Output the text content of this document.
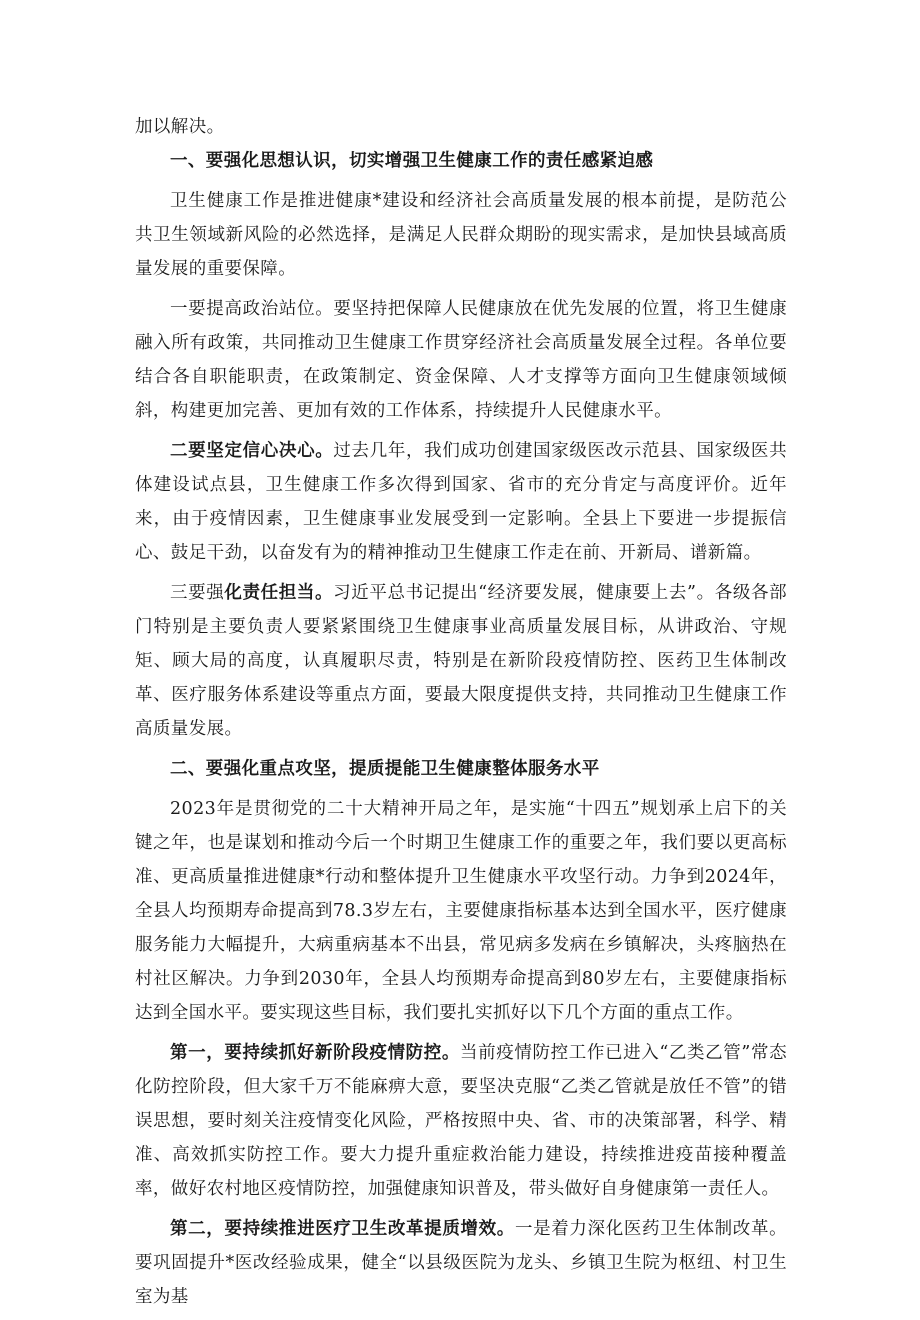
加以解决。
一、要强化思想认识，切实增强卫生健康工作的责任感紧迫感

卫生健康工作是推进健康*建设和经济社会高质量发展的根本前提，是防范公共卫生领域新风险的必然选择，是满足人民群众期盼的现实需求，是加快县域高质量发展的重要保障。

一要提高政治站位。要坚持把保障人民健康放在优先发展的位置，将卫生健康融入所有政策，共同推动卫生健康工作贯穿经济社会高质量发展全过程。各单位要结合各自职能职责，在政策制定、资金保障、人才支撑等方面向卫生健康领域倾斜，构建更加完善、更加有效的工作体系，持续提升人民健康水平。

二要坚定信心决心。过去几年，我们成功创建国家级医改示范县、国家级医共体建设试点县，卫生健康工作多次得到国家、省市的充分肯定与高度评价。近年来，由于疫情因素，卫生健康事业发展受到一定影响。全县上下要进一步提振信心、鼓足干劲，以奋发有为的精神推动卫生健康工作走在前、开新局、谱新篇。

三要强化责任担当。习近平总书记提出“经济要发展，健康要上去”。各级各部门特别是主要负责人要紧紧围绕卫生健康事业高质量发展目标，从讲政治、守规矩、顾大局的高度，认真履职尽责，特别是在新阶段疫情防控、医药卫生体制改革、医疗服务体系建设等重点方面，要最大限度提供支持，共同推动卫生健康工作高质量发展。

二、要强化重点攻坚，提质提能卫生健康整体服务水平

2023年是贯彻党的二十大精神开局之年，是实施“十四五”规划承上启下的关键之年，也是谋划和推动今后一个时期卫生健康工作的重要之年，我们要以更高标准、更高质量推进健康*行动和整体提升卫生健康水平攻坚行动。力争到2024年，全县人均预期寿命提高到78.3岁左右，主要健康指标基本达到全国水平，医疗健康服务能力大幅提升，大病重病基本不出县，常见病多发病在乡镇解决，头疼脑热在村社区解决。力争到2030年，全县人均预期寿命提高到80岁左右，主要健康指标达到全国水平。要实现这些目标，我们要扎实抓好以下几个方面的重点工作。

第一，要持续抓好新阶段疫情防控。当前疫情防控工作已进入“乙类乙管”常态化防控阶段，但大家千万不能麻痹大意，要坚决克服“乙类乙管就是放任不管”的错误思想，要时刻关注疫情变化风险，严格按照中央、省、市的决策部署，科学、精准、高效抓实防控工作。要大力提升重症救治能力建设，持续推进疫苗接种覆盖率，做好农村地区疫情防控，加强健康知识普及，带头做好自身健康第一责任人。

第二，要持续推进医疗卫生改革提质增效。一是着力深化医药卫生体制改革。要巩固提升*医改经验成果，健全“以县级医院为龙头、乡镇卫生院为枢纽、村卫生室为基
